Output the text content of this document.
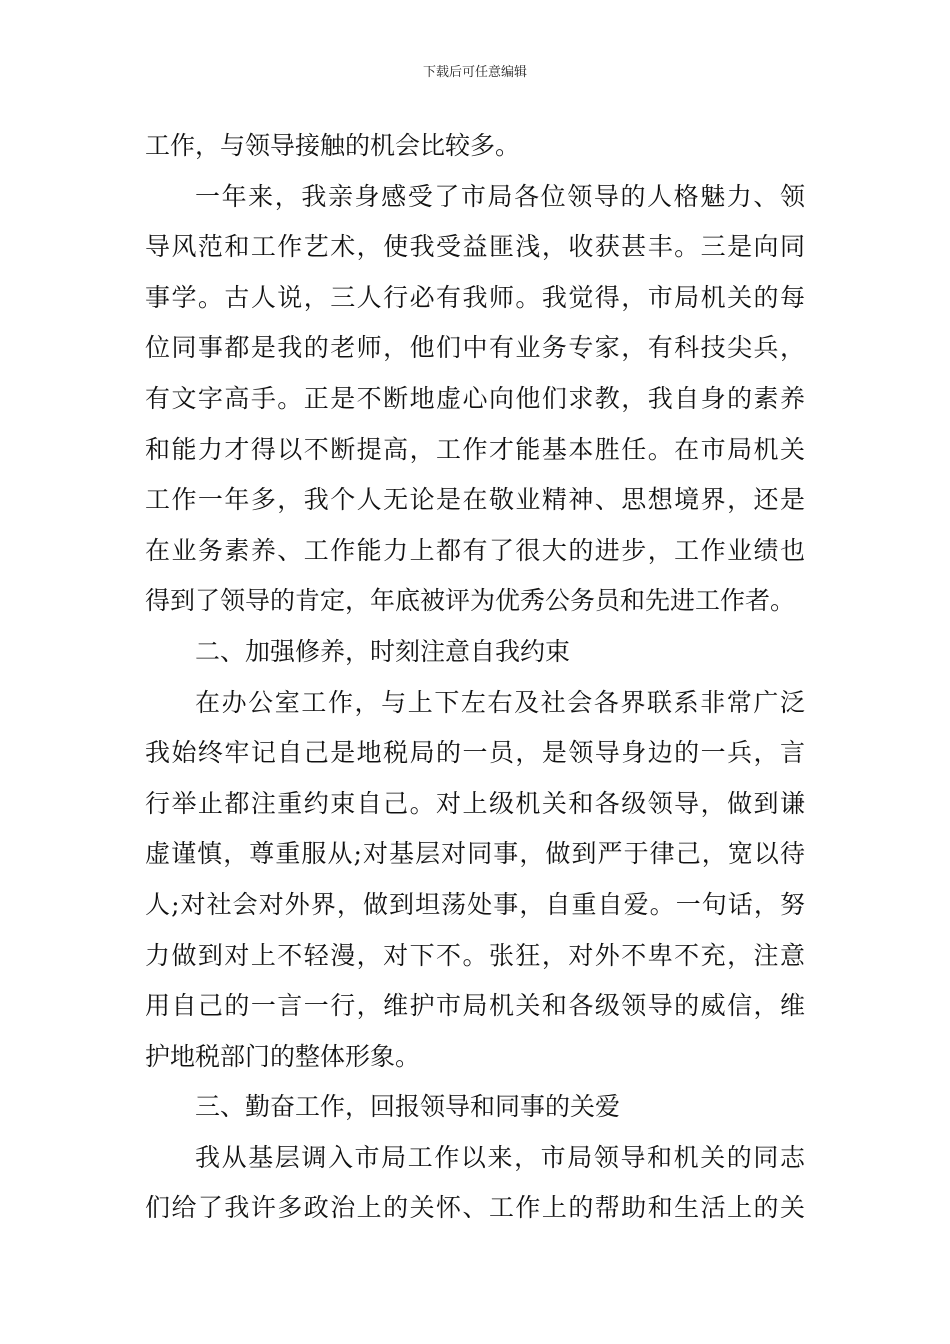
下载后可任意编辑
工作，与领导接触的机会比较多。
一年来，我亲身感受了市局各位领导的人格魅力、领
导风范和工作艺术，使我受益匪浅，收获甚丰。三是向同
事学。古人说，三人行必有我师。我觉得，市局机关的每
位同事都是我的老师，他们中有业务专家，有科技尖兵，
有文字高手。正是不断地虚心向他们求教，我自身的素养
和能力才得以不断提高，工作才能基本胜任。在市局机关
工作一年多，我个人无论是在敬业精神、思想境界，还是
在业务素养、工作能力上都有了很大的进步，工作业绩也
得到了领导的肯定，年底被评为优秀公务员和先进工作者。
二、加强修养，时刻注意自我约束
在办公室工作，与上下左右及社会各界联系非常广泛
我始终牢记自己是地税局的一员，是领导身边的一兵，言
行举止都注重约束自己。对上级机关和各级领导，做到谦
虚谨慎，尊重服从;对基层对同事，做到严于律己，宽以待
人;对社会对外界，做到坦荡处事，自重自爱。一句话，努
力做到对上不轻漫，对下不。张狂，对外不卑不充，注意
用自己的一言一行，维护市局机关和各级领导的威信，维
护地税部门的整体形象。
三、勤奋工作，回报领导和同事的关爱
我从基层调入市局工作以来，市局领导和机关的同志
们给了我许多政治上的关怀、工作上的帮助和生活上的关
